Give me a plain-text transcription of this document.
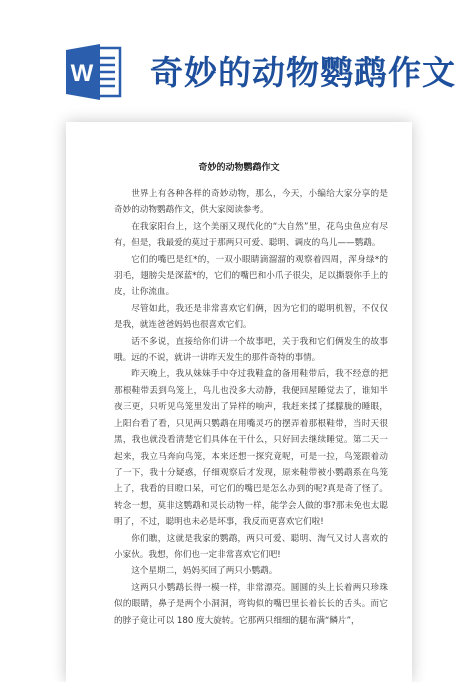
W 奇妙的动物鹦鹉作文
奇妙的动物鹦鹉作文

世界上有各种各样的奇妙动物，那么，今天，小编给大家分享的是奇妙的动物鹦鹉作文，供大家阅读参考。

在我家阳台上，这个美丽又现代化的“大自然”里，花鸟虫鱼应有尽有，但是，我最爱的莫过于那两只可爱、聪明、调皮的鸟儿——鹦鹉。

它们的嘴巴是红*的，一双小眼睛滴溜溜的观察着四周，浑身绿*的羽毛，翅膀尖是深蓝*的，它们的嘴巴和小爪子很尖，足以撕裂你手上的皮，让你流血。

尽管如此，我还是非常喜欢它们俩，因为它们的聪明机智，不仅仅是我，就连爸爸妈妈也很喜欢它们。

话不多说，直接给你们讲一个故事吧，关于我和它们俩发生的故事哦。远的不说，就讲一讲昨天发生的那件奇特的事情。

昨天晚上，我从妹妹手中夺过我鞋盒的备用鞋带后，我不经意的把那根鞋带丢到鸟笼上，鸟儿也没多大动静，我便回屋睡觉去了，谁知半夜三更，只听见鸟笼里发出了异样的响声，我赶来揉了揉朦胧的睡眼，上阳台看了看，只见两只鹦鹉在用嘴灵巧的摆弄着那根鞋带，当时天很黑，我也就没看清楚它们具体在干什么，只好回去继续睡觉。第二天一起来，我立马奔向鸟笼，本来还想一探究竟呢，可是一拉，鸟笼跟着动了一下，我十分疑惑，仔细观察后才发现，原来鞋带被小鹦鹉系在鸟笼上了，我看的目瞪口呆，可它们的嘴巴是怎么办到的呢?真是奇了怪了。转念一想，莫非这鹦鹉和灵长动物一样，能学会人做的事?那未免也太聪明了，不过，聪明也未必是坏事，我反而更喜欢它们啦!

你们瞧，这就是我家的鹦鹉，两只可爱、聪明、淘气又讨人喜欢的小家伙。我想，你们也一定非常喜欢它们吧!

这个星期二，妈妈买回了两只小鹦鹉。

这两只小鹦鹉长得一模一样，非常漂亮。圆圆的头上长着两只珍珠似的眼睛，鼻子是两个小洞洞，弯钩似的嘴巴里长着长长的舌头。而它的脖子竟让可以 180 度大旋转。它那两只细细的腿布满“鳞片”，
